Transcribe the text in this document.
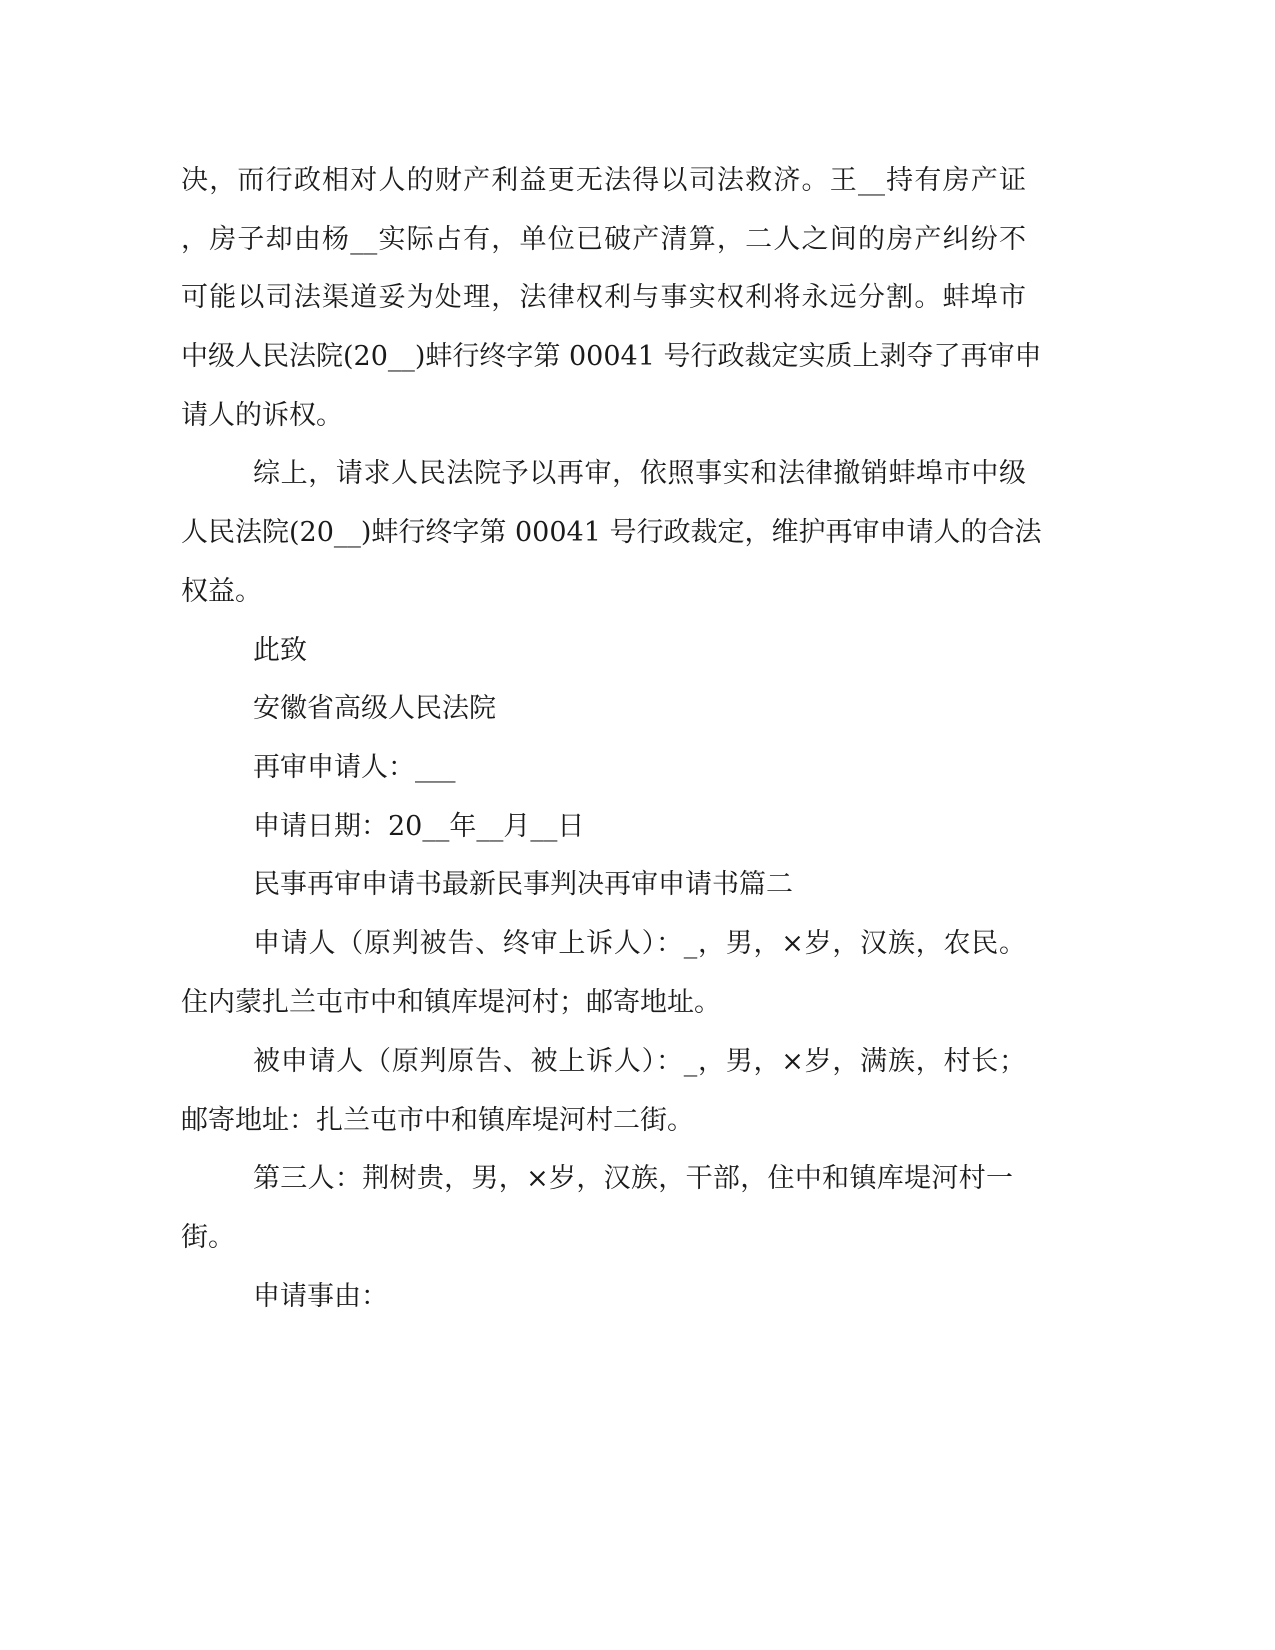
决，而行政相对人的财产利益更无法得以司法救济。王__持有房产证
，房子却由杨__实际占有，单位已破产清算，二人之间的房产纠纷不
可能以司法渠道妥为处理，法律权利与事实权利将永远分割。蚌埠市
中级人民法院(20__)蚌行终字第 00041 号行政裁定实质上剥夺了再审申
请人的诉权。
综上，请求人民法院予以再审，依照事实和法律撤销蚌埠市中级
人民法院(20__)蚌行终字第 00041 号行政裁定，维护再审申请人的合法
权益。
此致
安徽省高级人民法院
再审申请人：___
申请日期：20__年__月__日
民事再审申请书最新民事判决再审申请书篇二
申请人（原判被告、终审上诉人）：_，男，×岁，汉族，农民。
住内蒙扎兰屯市中和镇库堤河村；邮寄地址。
被申请人（原判原告、被上诉人）：_，男，×岁，满族，村长；
邮寄地址：扎兰屯市中和镇库堤河村二街。
第三人：荆树贵，男，×岁，汉族，干部，住中和镇库堤河村一
街。
申请事由：
